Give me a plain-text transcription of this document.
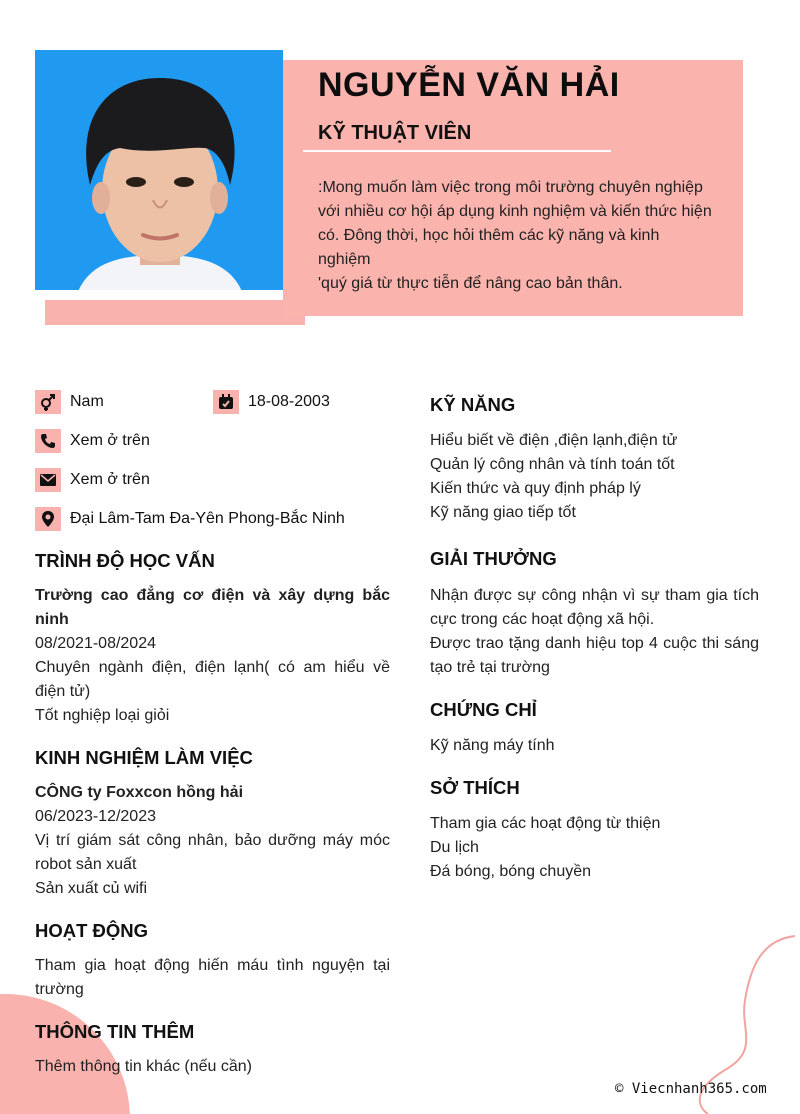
NGUYỄN VĂN HẢI
KỸ THUẬT VIÊN
:Mong muốn làm việc trong môi trường chuyên nghiệp
với nhiều cơ hội áp dụng kinh nghiệm và kiến thức hiện
có. Đông thời, học hỏi thêm các kỹ năng và kinh
nghiệm
'quý giá từ thực tiễn để nâng cao bản thân.
Nam	18-08-2003
Xem ở trên
Xem ở trên
Đại Lâm-Tam Đa-Yên Phong-Bắc Ninh
TRÌNH ĐỘ HỌC VẤN
Trường cao đẳng cơ điện và xây dựng bắc ninh
08/2021-08/2024
Chuyên ngành điện, điện lạnh( có am hiểu về điện tử)
Tốt nghiệp loại giỏi
KINH NGHIỆM LÀM VIỆC
CÔNG ty Foxxcon hồng hải
06/2023-12/2023
Vị trí giám sát công nhân, bảo dưỡng máy móc robot sản xuất
Sản xuất củ wifi
HOẠT ĐỘNG
Tham gia hoạt động hiến máu tình nguyện tại trường
THÔNG TIN THÊM
Thêm thông tin khác (nếu cần)
KỸ NĂNG
Hiểu biết về điện ,điện lạnh,điện tử
Quản lý công nhân và tính toán tốt
Kiến thức và quy định pháp lý
Kỹ năng giao tiếp tốt
GIẢI THƯỞNG
Nhận được sự công nhận vì sự tham gia tích cực trong các hoạt động xã hội.
Được trao tặng danh hiệu top 4 cuộc thi sáng tạo trẻ tại trường
CHỨNG CHỈ
Kỹ năng máy tính
SỞ THÍCH
Tham gia các hoạt động từ thiện
Du lịch
Đá bóng, bóng chuyền
© Viecnhanh365.com
